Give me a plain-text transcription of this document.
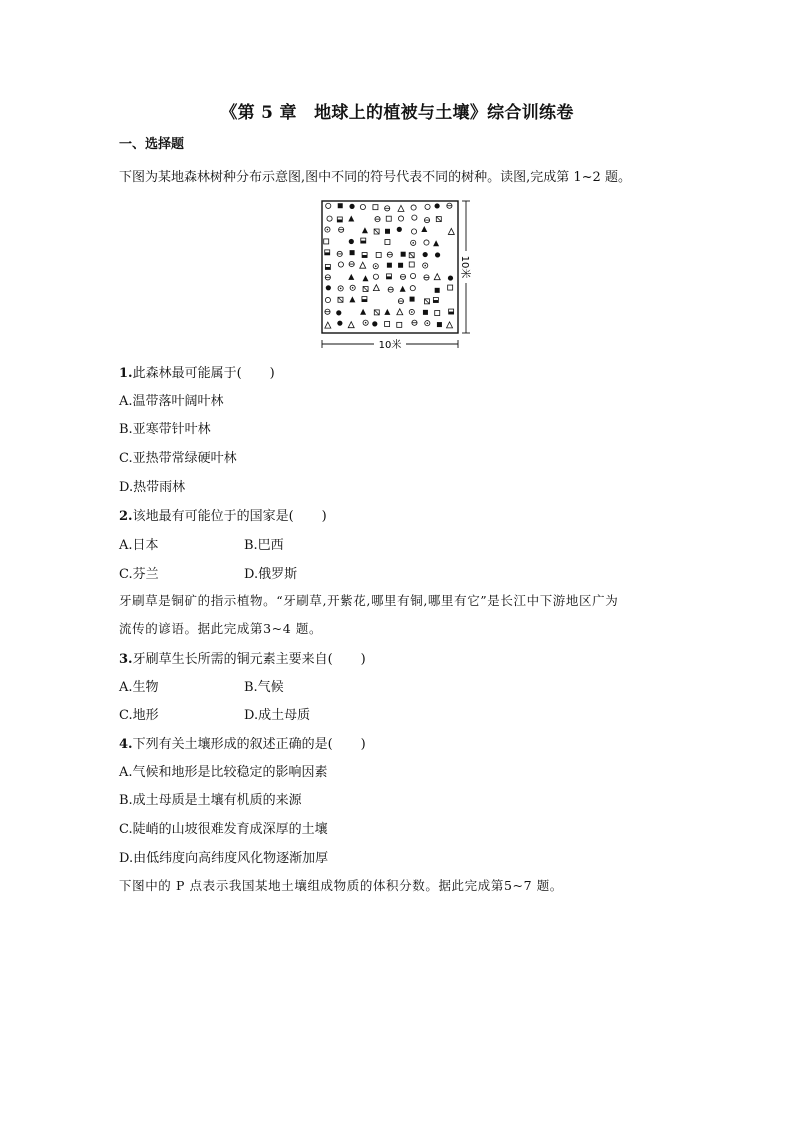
《第 5 章　地球上的植被与土壤》综合训练卷
一、选择题
下图为某地森林树种分布示意图,图中不同的符号代表不同的树种。读图,完成第 1~2 题。
10米
10米
1.此森林最可能属于( )
A.温带落叶阔叶林
B.亚寒带针叶林
C.亚热带常绿硬叶林
D.热带雨林
2.该地最有可能位于的国家是( )
A.日本	B.巴西
C.芬兰	D.俄罗斯
牙刷草是铜矿的指示植物。“牙刷草,开紫花,哪里有铜,哪里有它”是长江中下游地区广为
流传的谚语。据此完成第3~4 题。
3.牙刷草生长所需的铜元素主要来自( )
A.生物	B.气候
C.地形	D.成土母质
4.下列有关土壤形成的叙述正确的是( )
A.气候和地形是比较稳定的影响因素
B.成土母质是土壤有机质的来源
C.陡峭的山坡很难发育成深厚的土壤
D.由低纬度向高纬度风化物逐渐加厚
下图中的 P 点表示我国某地土壤组成物质的体积分数。据此完成第5~7 题。
